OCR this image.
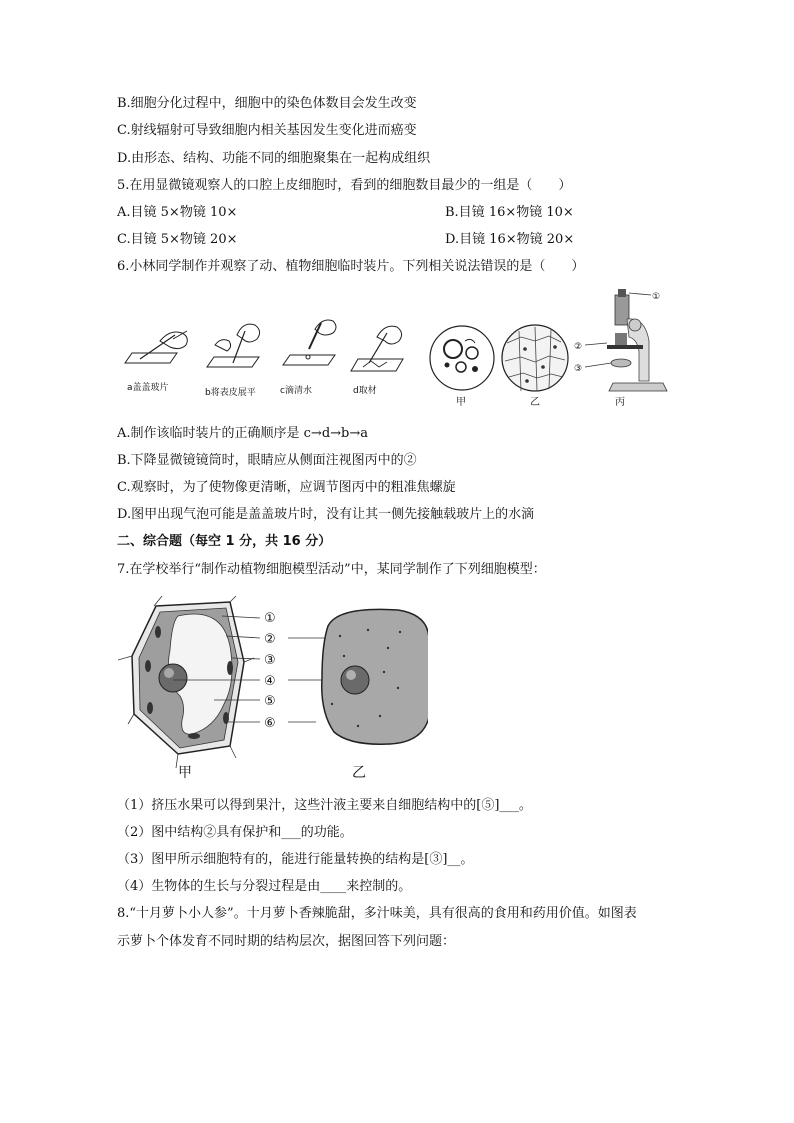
B.细胞分化过程中，细胞中的染色体数目会发生改变
C.射线辐射可导致细胞内相关基因发生变化进而癌变
D.由形态、结构、功能不同的细胞聚集在一起构成组织
5.在用显微镜观察人的口腔上皮细胞时，看到的细胞数目最少的一组是（　　）
A.目镜 5×物镜 10×	B.目镜 16×物镜 10×
C.目镜 5×物镜 20×	D.目镜 16×物镜 20×
6.小林同学制作并观察了动、植物细胞临时装片。下列相关说法错误的是（　　）
a盖盖玻片	b将表皮展平	c滴清水	d取材
甲	乙
①
②
③
丙
A.制作该临时装片的正确顺序是 c→d→b→a
B.下降显微镜镜筒时，眼睛应从侧面注视图丙中的②
C.观察时，为了使物像更清晰，应调节图丙中的粗准焦螺旋
D.图甲出现气泡可能是盖盖玻片时，没有让其一侧先接触载玻片上的水滴
二、综合题（每空 1 分，共 16 分）
7.在学校举行“制作动植物细胞模型活动”中，某同学制作了下列细胞模型：
①
②
③
④
⑤
⑥
甲	乙
（1）挤压水果可以得到果汁，这些汁液主要来自细胞结构中的[⑤]___。
（2）图中结构②具有保护和___的功能。
（3）图甲所示细胞特有的，能进行能量转换的结构是[③]__。
（4）生物体的生长与分裂过程是由____来控制的。
8.“十月萝卜小人参”。十月萝卜香辣脆甜，多汁味美，具有很高的食用和药用价值。如图表
示萝卜个体发育不同时期的结构层次，据图回答下列问题：
